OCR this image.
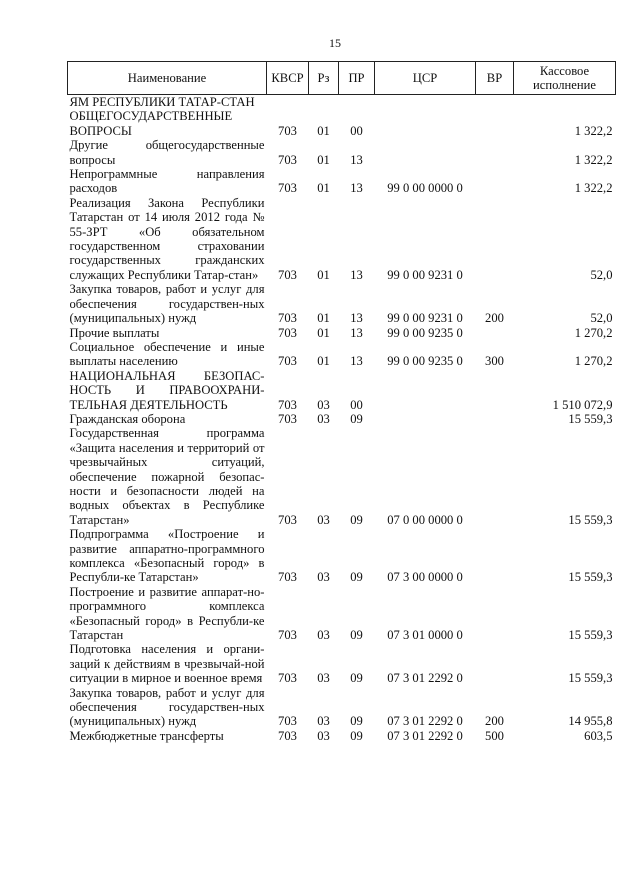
15
Наименование	КВСР	Рз	ПР	ЦСР	ВР	Кассовое
исполнение

ЯМ РЕСПУБЛИКИ ТАТАР-СТАН						
ОБЩЕГОСУДАРСТВЕННЫЕ ВОПРОСЫ	703	01	00			1 322,2
Другие общегосударственные вопросы	703	01	13			1 322,2
Непрограммные направления расходов	703	01	13	99 0 00 0000 0		1 322,2
Реализация Закона Республики Татарстан от 14 июля 2012 года № 55-ЗРТ «Об обязательном государственном страховании государственных гражданских служащих Республики Татар-стан»	703	01	13	99 0 00 9231 0		52,0
Закупка товаров, работ и услуг для обеспечения государствен-ных (муниципальных) нужд	703	01	13	99 0 00 9231 0	200	52,0
Прочие выплаты	703	01	13	99 0 00 9235 0		1 270,2
Социальное обеспечение и иные выплаты населению	703	01	13	99 0 00 9235 0	300	1 270,2
НАЦИОНАЛЬНАЯ БЕЗОПАС-НОСТЬ И ПРАВООХРАНИ-ТЕЛЬНАЯ ДЕЯТЕЛЬНОСТЬ	703	03	00			1 510 072,9
Гражданская оборона	703	03	09			15 559,3
Государственная программа «Защита населения и территорий от чрезвычайных ситуаций, обеспечение пожарной безопас-ности и безопасности людей на водных объектах в Республике Татарстан»	703	03	09	07 0 00 0000 0		15 559,3
Подпрограмма «Построение и развитие аппаратно-программного комплекса «Безопасный город» в Республи-ке Татарстан»	703	03	09	07 3 00 0000 0		15 559,3
Построение и развитие аппарат-но-программного комплекса «Безопасный город» в Республи-ке Татарстан	703	03	09	07 3 01 0000 0		15 559,3
Подготовка населения и органи-заций к действиям в чрезвычай-ной ситуации в мирное и военное время	703	03	09	07 3 01 2292 0		15 559,3
Закупка товаров, работ и услуг для обеспечения государствен-ных (муниципальных) нужд	703	03	09	07 3 01 2292 0	200	14 955,8
Межбюджетные трансферты	703	03	09	07 3 01 2292 0	500	603,5
